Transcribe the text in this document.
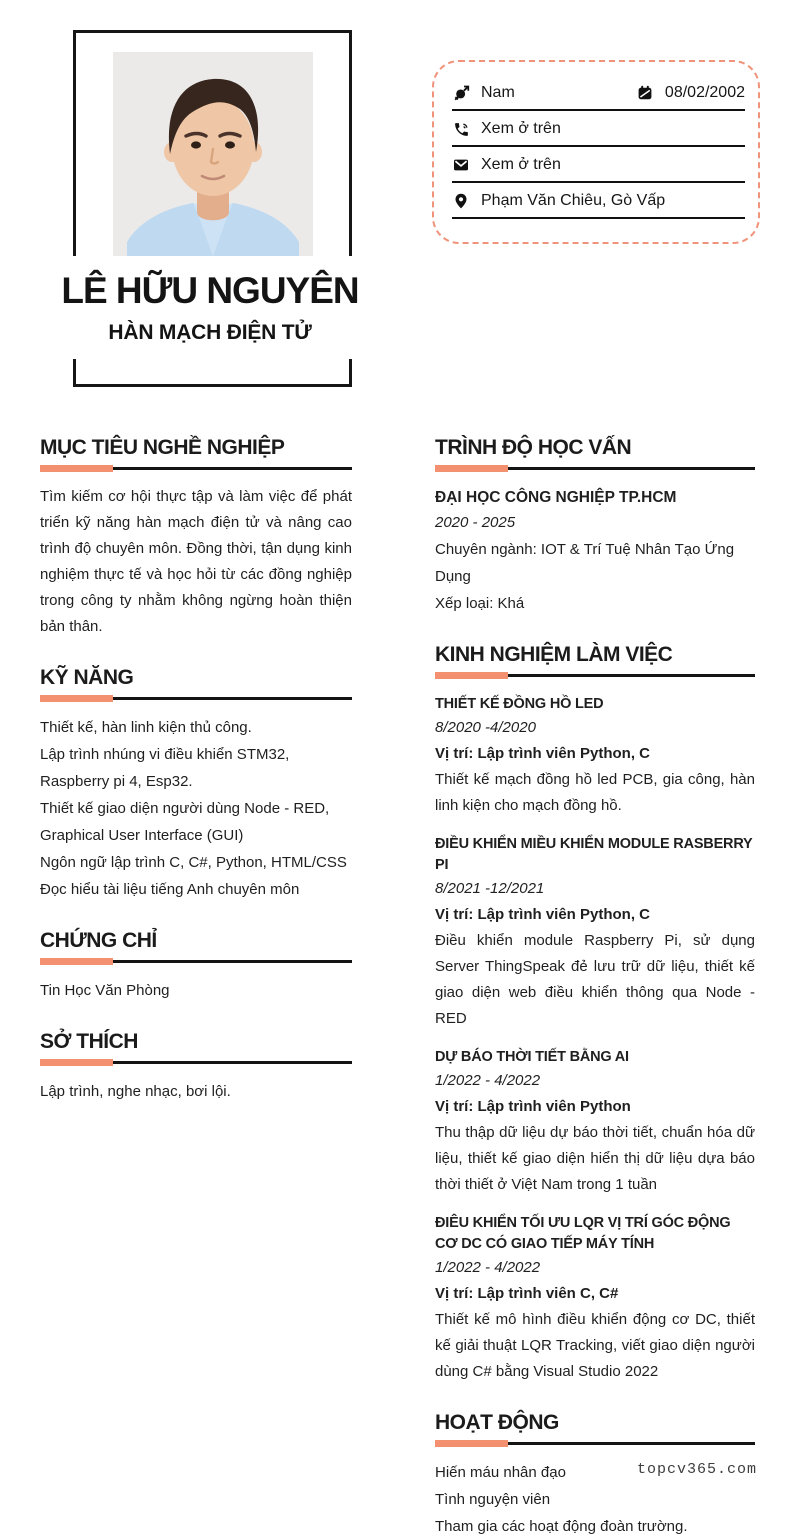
Nam	08/02/2002
Xem ở trên
Xem ở trên
Phạm Văn Chiêu, Gò Vấp
LÊ HỮU NGUYÊN
HÀN MẠCH ĐIỆN TỬ
MỤC TIÊU NGHỀ NGHIỆP
Tìm kiếm cơ hội thực tập và làm việc để phát triển kỹ năng hàn mạch điện tử và nâng cao trình độ chuyên môn. Đồng thời, tận dụng kinh nghiệm thực tế và học hỏi từ các đồng nghiệp trong công ty nhằm không ngừng hoàn thiện bản thân.
KỸ NĂNG
Thiết kế, hàn linh kiện thủ công.
Lập trình nhúng vi điều khiển STM32, Raspberry pi 4, Esp32.
Thiết kế giao diện người dùng Node - RED, Graphical User Interface (GUI)
Ngôn ngữ lập trình C, C#, Python, HTML/CSS
Đọc hiểu tài liệu tiếng Anh chuyên môn
CHỨNG CHỈ
Tin Học Văn Phòng
SỞ THÍCH
Lập trình, nghe nhạc, bơi lội.
TRÌNH ĐỘ HỌC VẤN
ĐẠI HỌC CÔNG NGHIỆP TP.HCM
2020 - 2025
Chuyên ngành: IOT & Trí Tuệ Nhân Tạo Ứng Dụng
Xếp loại: Khá
KINH NGHIỆM LÀM VIỆC
THIẾT KẾ ĐỒNG HỒ LED
8/2020 -4/2020
Vị trí: Lập trình viên Python, C
Thiết kế mạch đồng hồ led PCB, gia công, hàn linh kiện cho mạch đồng hồ.
ĐIỀU KHIỂN MIỀU KHIỂN MODULE RASBERRY PI
8/2021 -12/2021
Vị trí: Lập trình viên Python, C
Điều khiển module Raspberry Pi, sử dụng Server ThingSpeak đẻ lưu trữ dữ liệu, thiết kế giao diện web điều khiển thông qua Node - RED
DỰ BÁO THỜI TIẾT BẰNG AI
1/2022 - 4/2022
Vị trí: Lập trình viên Python
Thu thập dữ liệu dự báo thời tiết, chuẩn hóa dữ liệu, thiết kế giao diện hiển thị dữ liệu dựa báo thời thiết ở Việt Nam trong 1 tuần
ĐIÊU KHIỂN TỐI ƯU LQR VỊ TRÍ GÓC ĐỘNG CƠ DC CÓ GIAO TIẾP MÁY TÍNH
1/2022 - 4/2022
Vị trí: Lập trình viên C, C#
Thiết kế mô hình điều khiển động cơ DC, thiết kế giải thuật LQR Tracking, viết giao diện người dùng C# bằng Visual Studio 2022
HOẠT ĐỘNG
Hiến máu nhân đạo
Tình nguyện viên
Tham gia các hoạt động đoàn trường.
topcv365.com
